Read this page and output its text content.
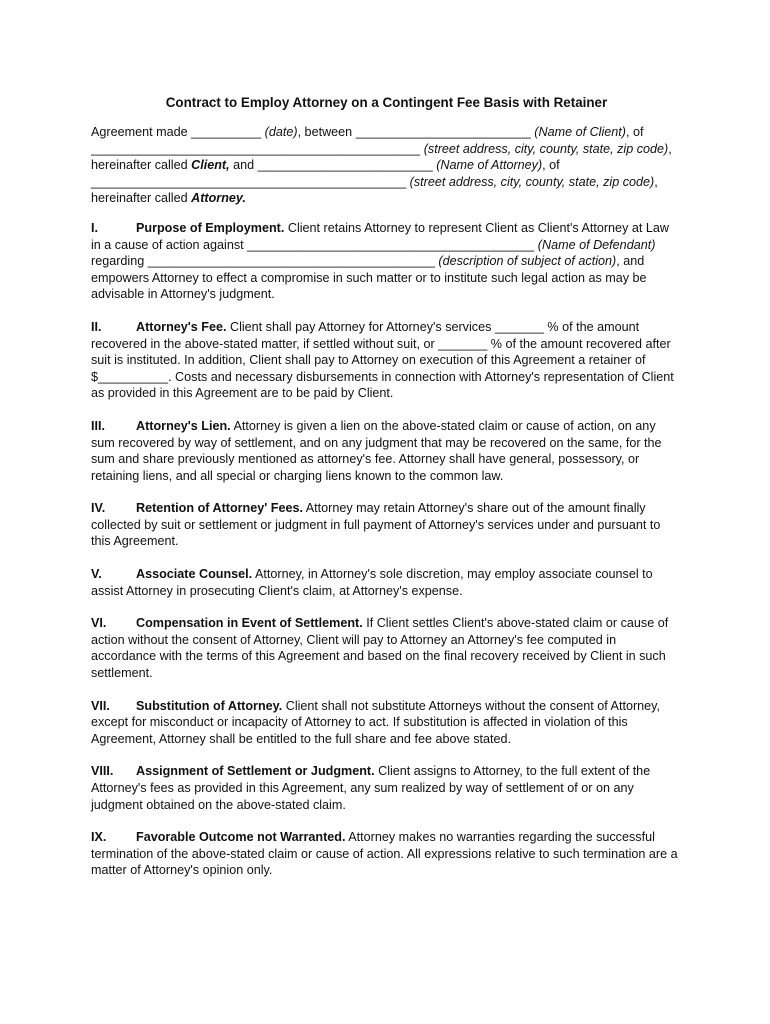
Contract to Employ Attorney on a Contingent Fee Basis with Retainer

Agreement made __________ (date), between _________________________ (Name of Client), of _______________________________________________ (street address, city, county, state, zip code), hereinafter called Client, and _________________________ (Name of Attorney), of _____________________________________________ (street address, city, county, state, zip code), hereinafter called Attorney.

I.	Purpose of Employment. Client retains Attorney to represent Client as Client's Attorney at Law in a cause of action against _________________________________________ (Name of Defendant) regarding _________________________________________ (description of subject of action), and empowers Attorney to effect a compromise in such matter or to institute such legal action as may be advisable in Attorney's judgment.

II.	Attorney's Fee. Client shall pay Attorney for Attorney's services _______ % of the amount recovered in the above-stated matter, if settled without suit, or _______ % of the amount recovered after suit is instituted. In addition, Client shall pay to Attorney on execution of this Agreement a retainer of $__________. Costs and necessary disbursements in connection with Attorney's representation of Client as provided in this Agreement are to be paid by Client.

III. Attorney's Lien. Attorney is given a lien on the above-stated claim or cause of action, on any sum recovered by way of settlement, and on any judgment that may be recovered on the same, for the sum and share previously mentioned as attorney's fee. Attorney shall have general, possessory, or retaining liens, and all special or charging liens known to the common law.

IV. Retention of Attorney' Fees. Attorney may retain Attorney's share out of the amount finally collected by suit or settlement or judgment in full payment of Attorney's services under and pursuant to this Agreement.

V.	Associate Counsel. Attorney, in Attorney's sole discretion, may employ associate counsel to assist Attorney in prosecuting Client's claim, at Attorney's expense.

VI. Compensation in Event of Settlement. If Client settles Client's above-stated claim or cause of action without the consent of Attorney, Client will pay to Attorney an Attorney's fee computed in accordance with the terms of this Agreement and based on the final recovery received by Client in such settlement.

VII. Substitution of Attorney. Client shall not substitute Attorneys without the consent of Attorney, except for misconduct or incapacity of Attorney to act. If substitution is affected in violation of this Agreement, Attorney shall be entitled to the full share and fee above stated.

VIII. Assignment of Settlement or Judgment. Client assigns to Attorney, to the full extent of the Attorney's fees as provided in this Agreement, any sum realized by way of settlement of or on any judgment obtained on the above-stated claim.

IX. Favorable Outcome not Warranted. Attorney makes no warranties regarding the successful termination of the above-stated claim or cause of action. All expressions relative to such termination are a matter of Attorney's opinion only.
